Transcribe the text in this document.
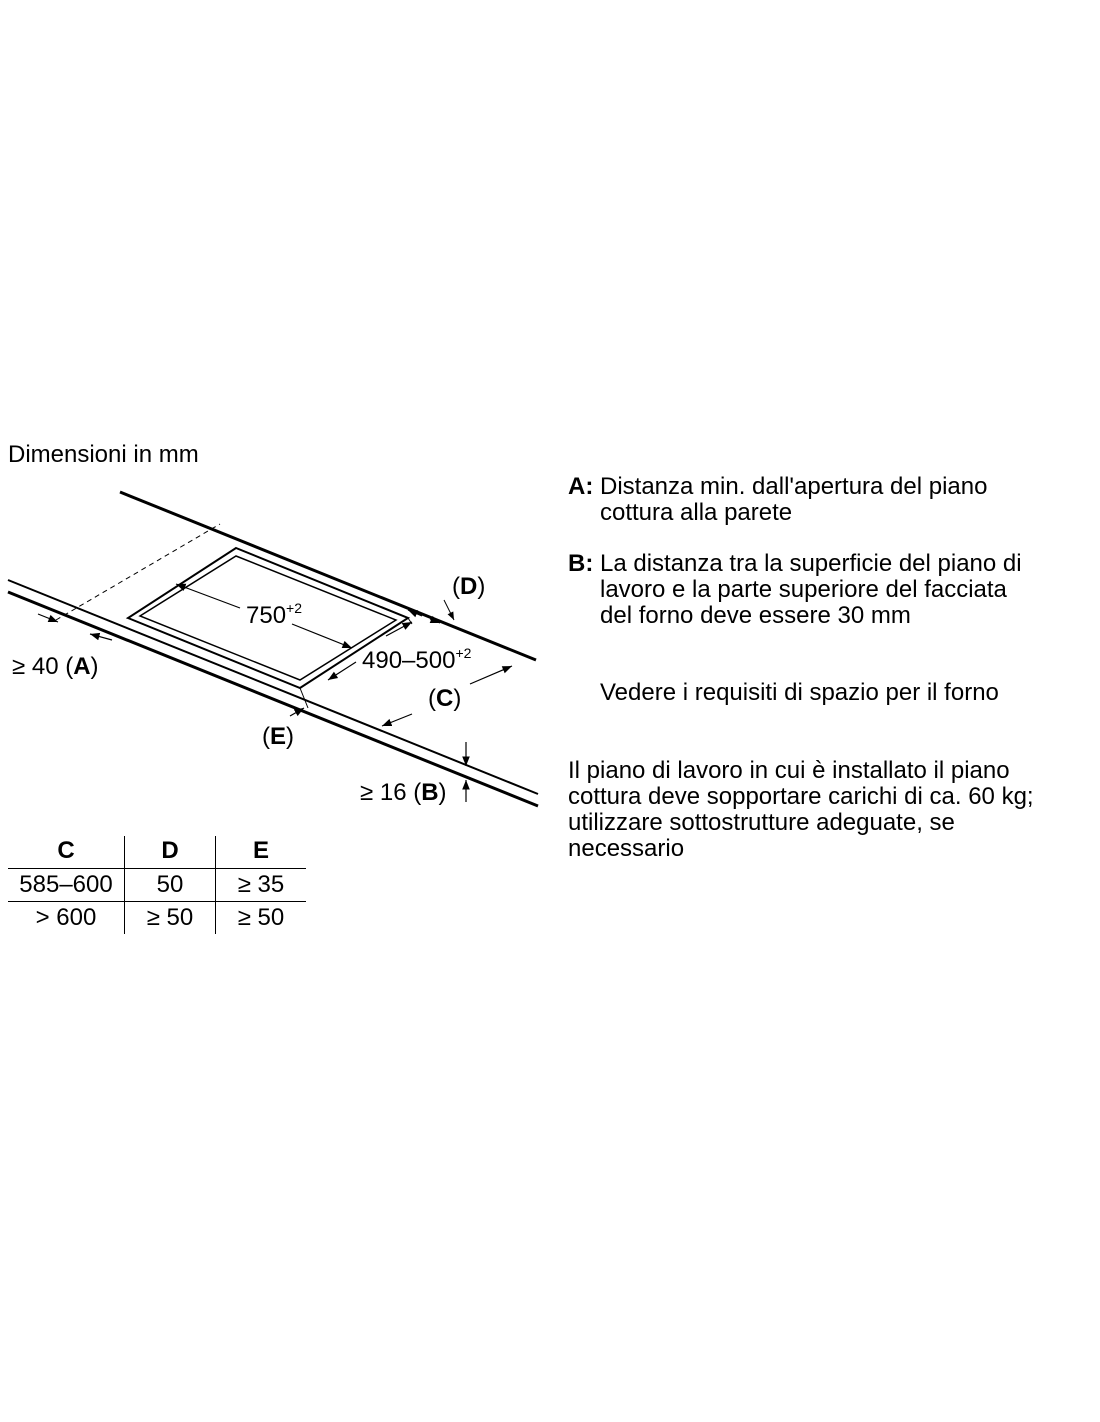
Dimensioni in mm
$750^{+2}$
$490-500^{+2}$
(D)
(C)
(E)
≥ 40 (A)
≥ 16 (B)
C	D	E
585–600	50	≥ 35
> 600	≥ 50	≥ 50
A: Distanza min. dall'apertura del piano
cottura alla parete
B: La distanza tra la superficie del piano di
lavoro e la parte superiore del facciata
del forno deve essere 30 mm
Vedere i requisiti di spazio per il forno
Il piano di lavoro in cui è installato il piano
cottura deve sopportare carichi di ca. 60 kg;
utilizzare sottostrutture adeguate, se
necessario
